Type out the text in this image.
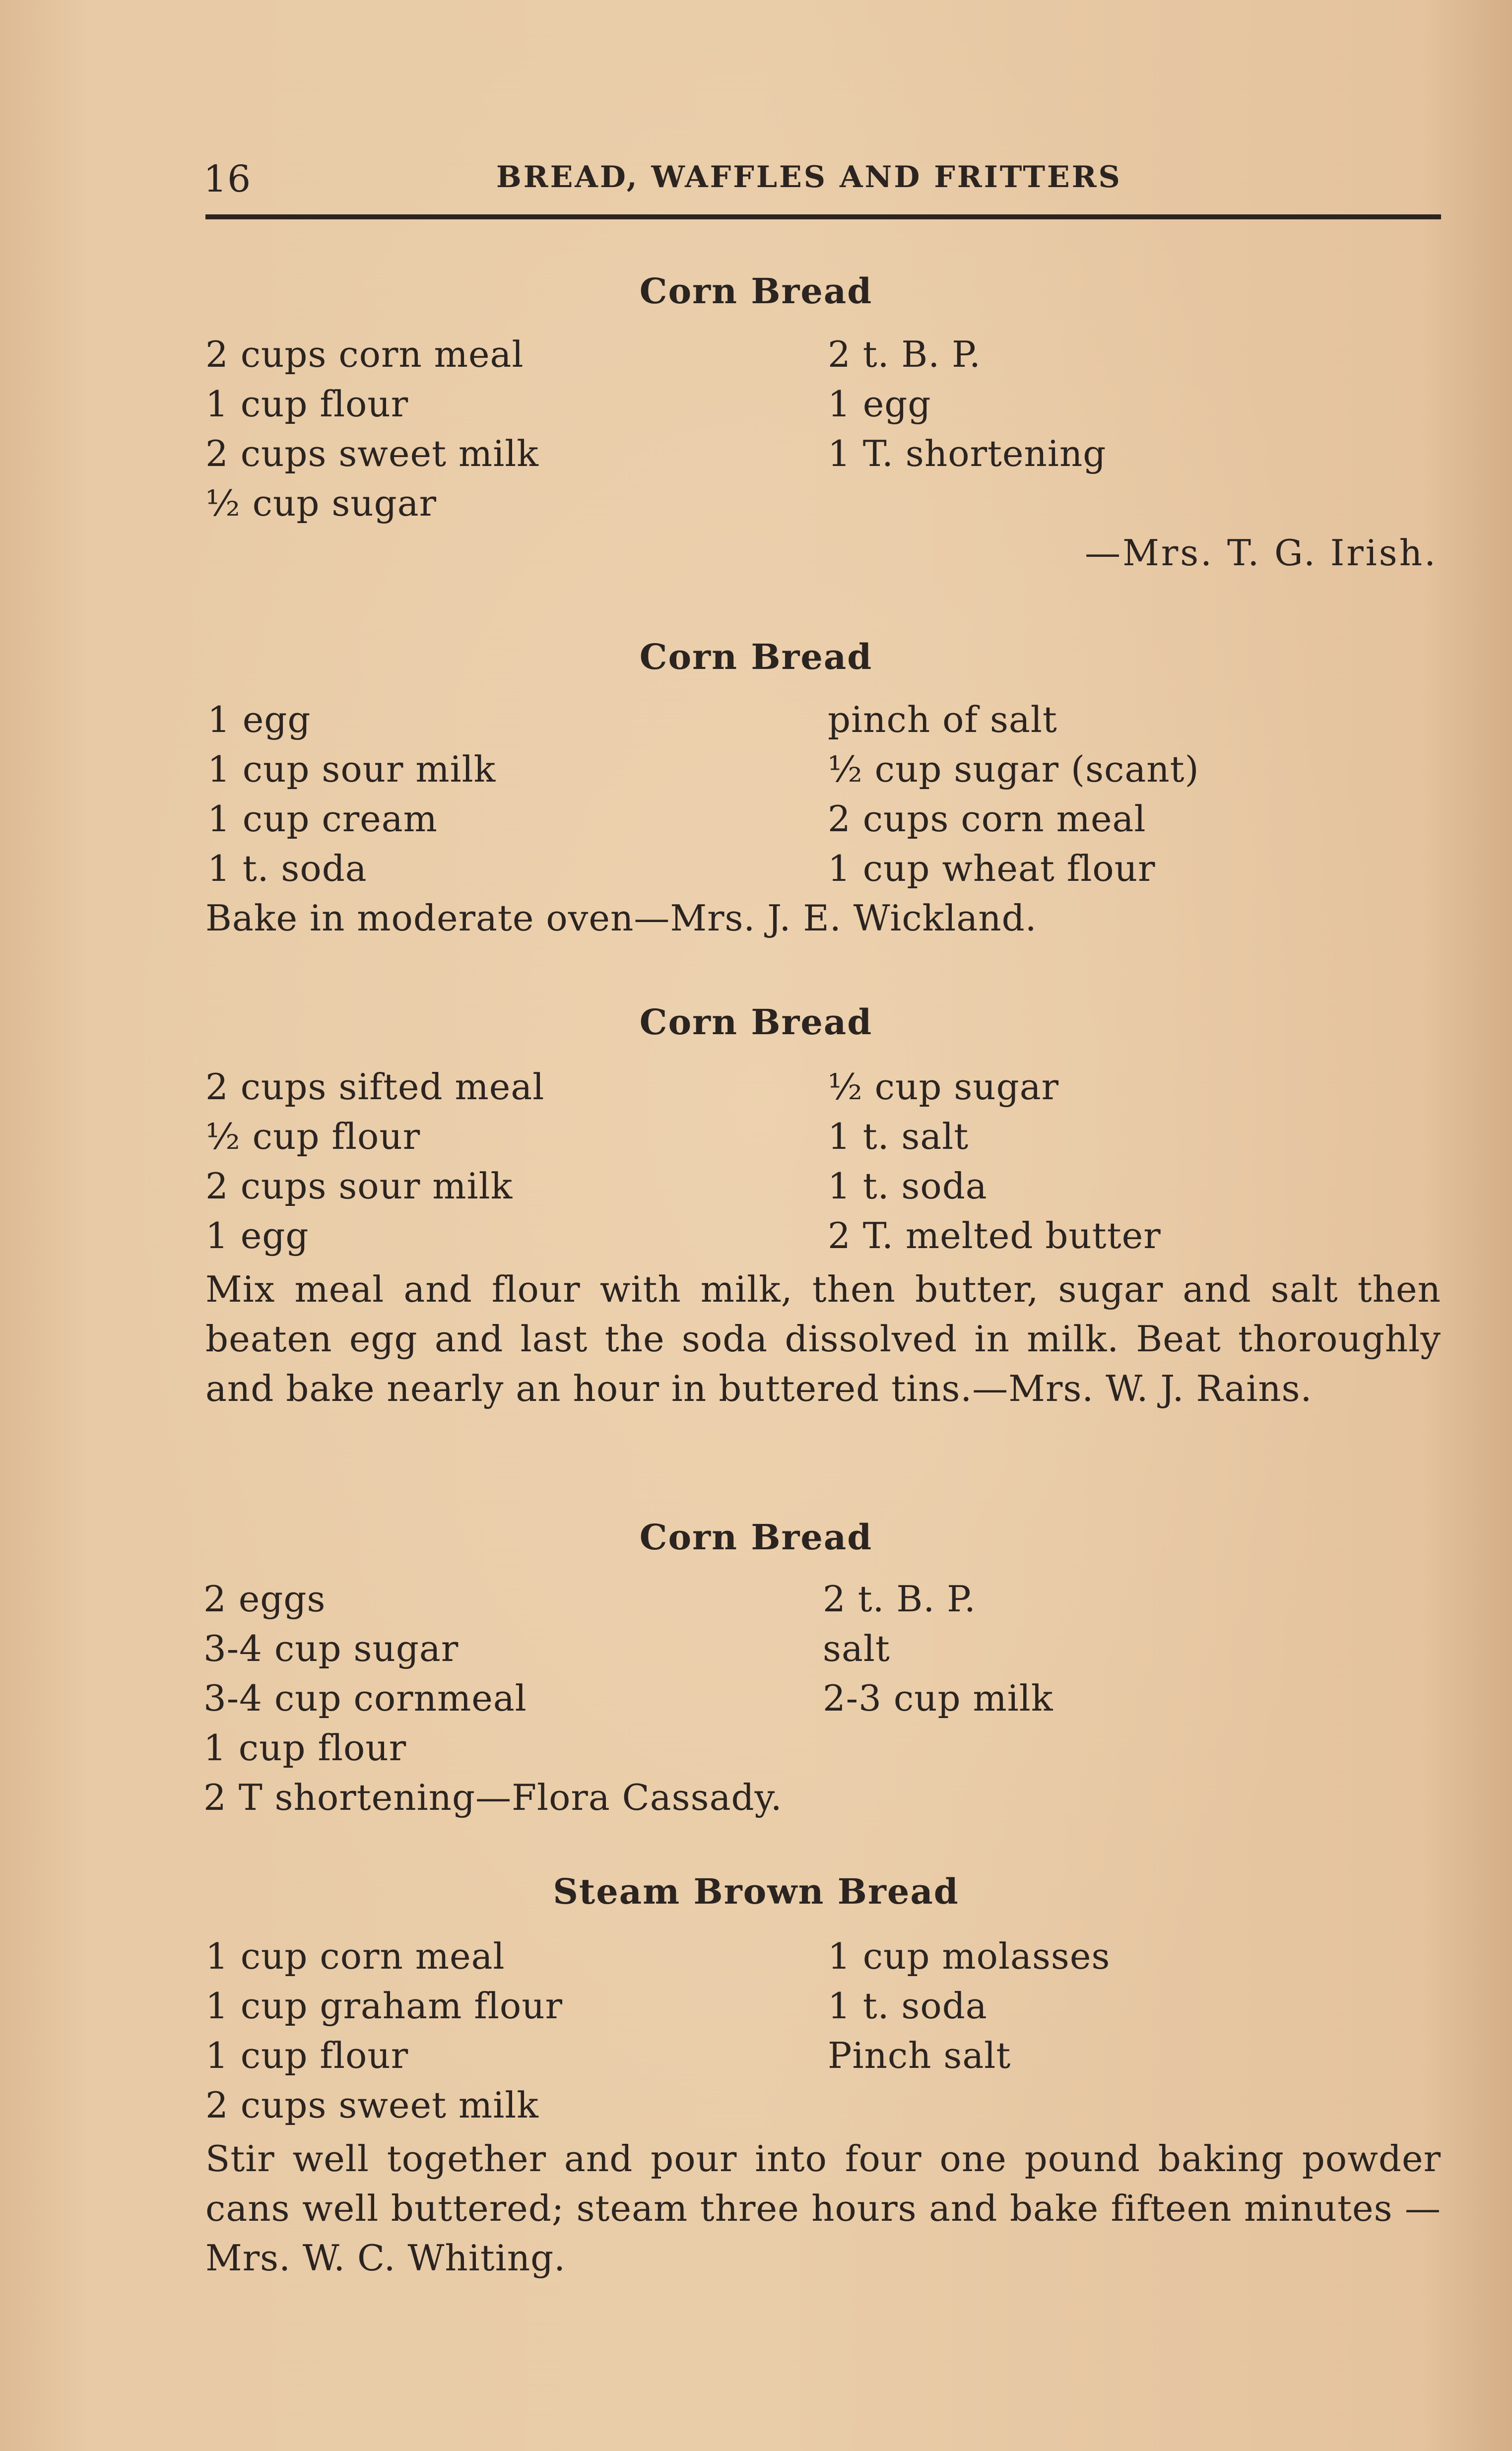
16	BREAD, WAFFLES AND FRITTERS
Corn Bread
2 cups corn meal
1 cup flour
2 cups sweet milk
½ cup sugar
2 t. B. P.
1 egg
1 T. shortening
—Mrs. T. G. Irish.
Corn Bread
1 egg
1 cup sour milk
1 cup cream
1 t. soda
pinch of salt
½ cup sugar (scant)
2 cups corn meal
1 cup wheat flour
Bake in moderate oven—Mrs. J. E. Wickland.
Corn Bread
2 cups sifted meal
½ cup flour
2 cups sour milk
1 egg
½ cup sugar
1 t. salt
1 t. soda
2 T. melted butter
Mix meal and flour with milk, then butter, sugar and salt then beaten egg and last the soda dissolved in milk. Beat thoroughly and bake nearly an hour in buttered tins.—Mrs. W. J. Rains.
Corn Bread
2 eggs
3-4 cup sugar
3-4 cup cornmeal
1 cup flour
2 T shortening—Flora Cassady.
2 t. B. P.
salt
2-3 cup milk
Steam Brown Bread
1 cup corn meal
1 cup graham flour
1 cup flour
2 cups sweet milk
1 cup molasses
1 t. soda
Pinch salt
Stir well together and pour into four one pound baking powder cans well buttered; steam three hours and bake fifteen minutes —Mrs. W. C. Whiting.
